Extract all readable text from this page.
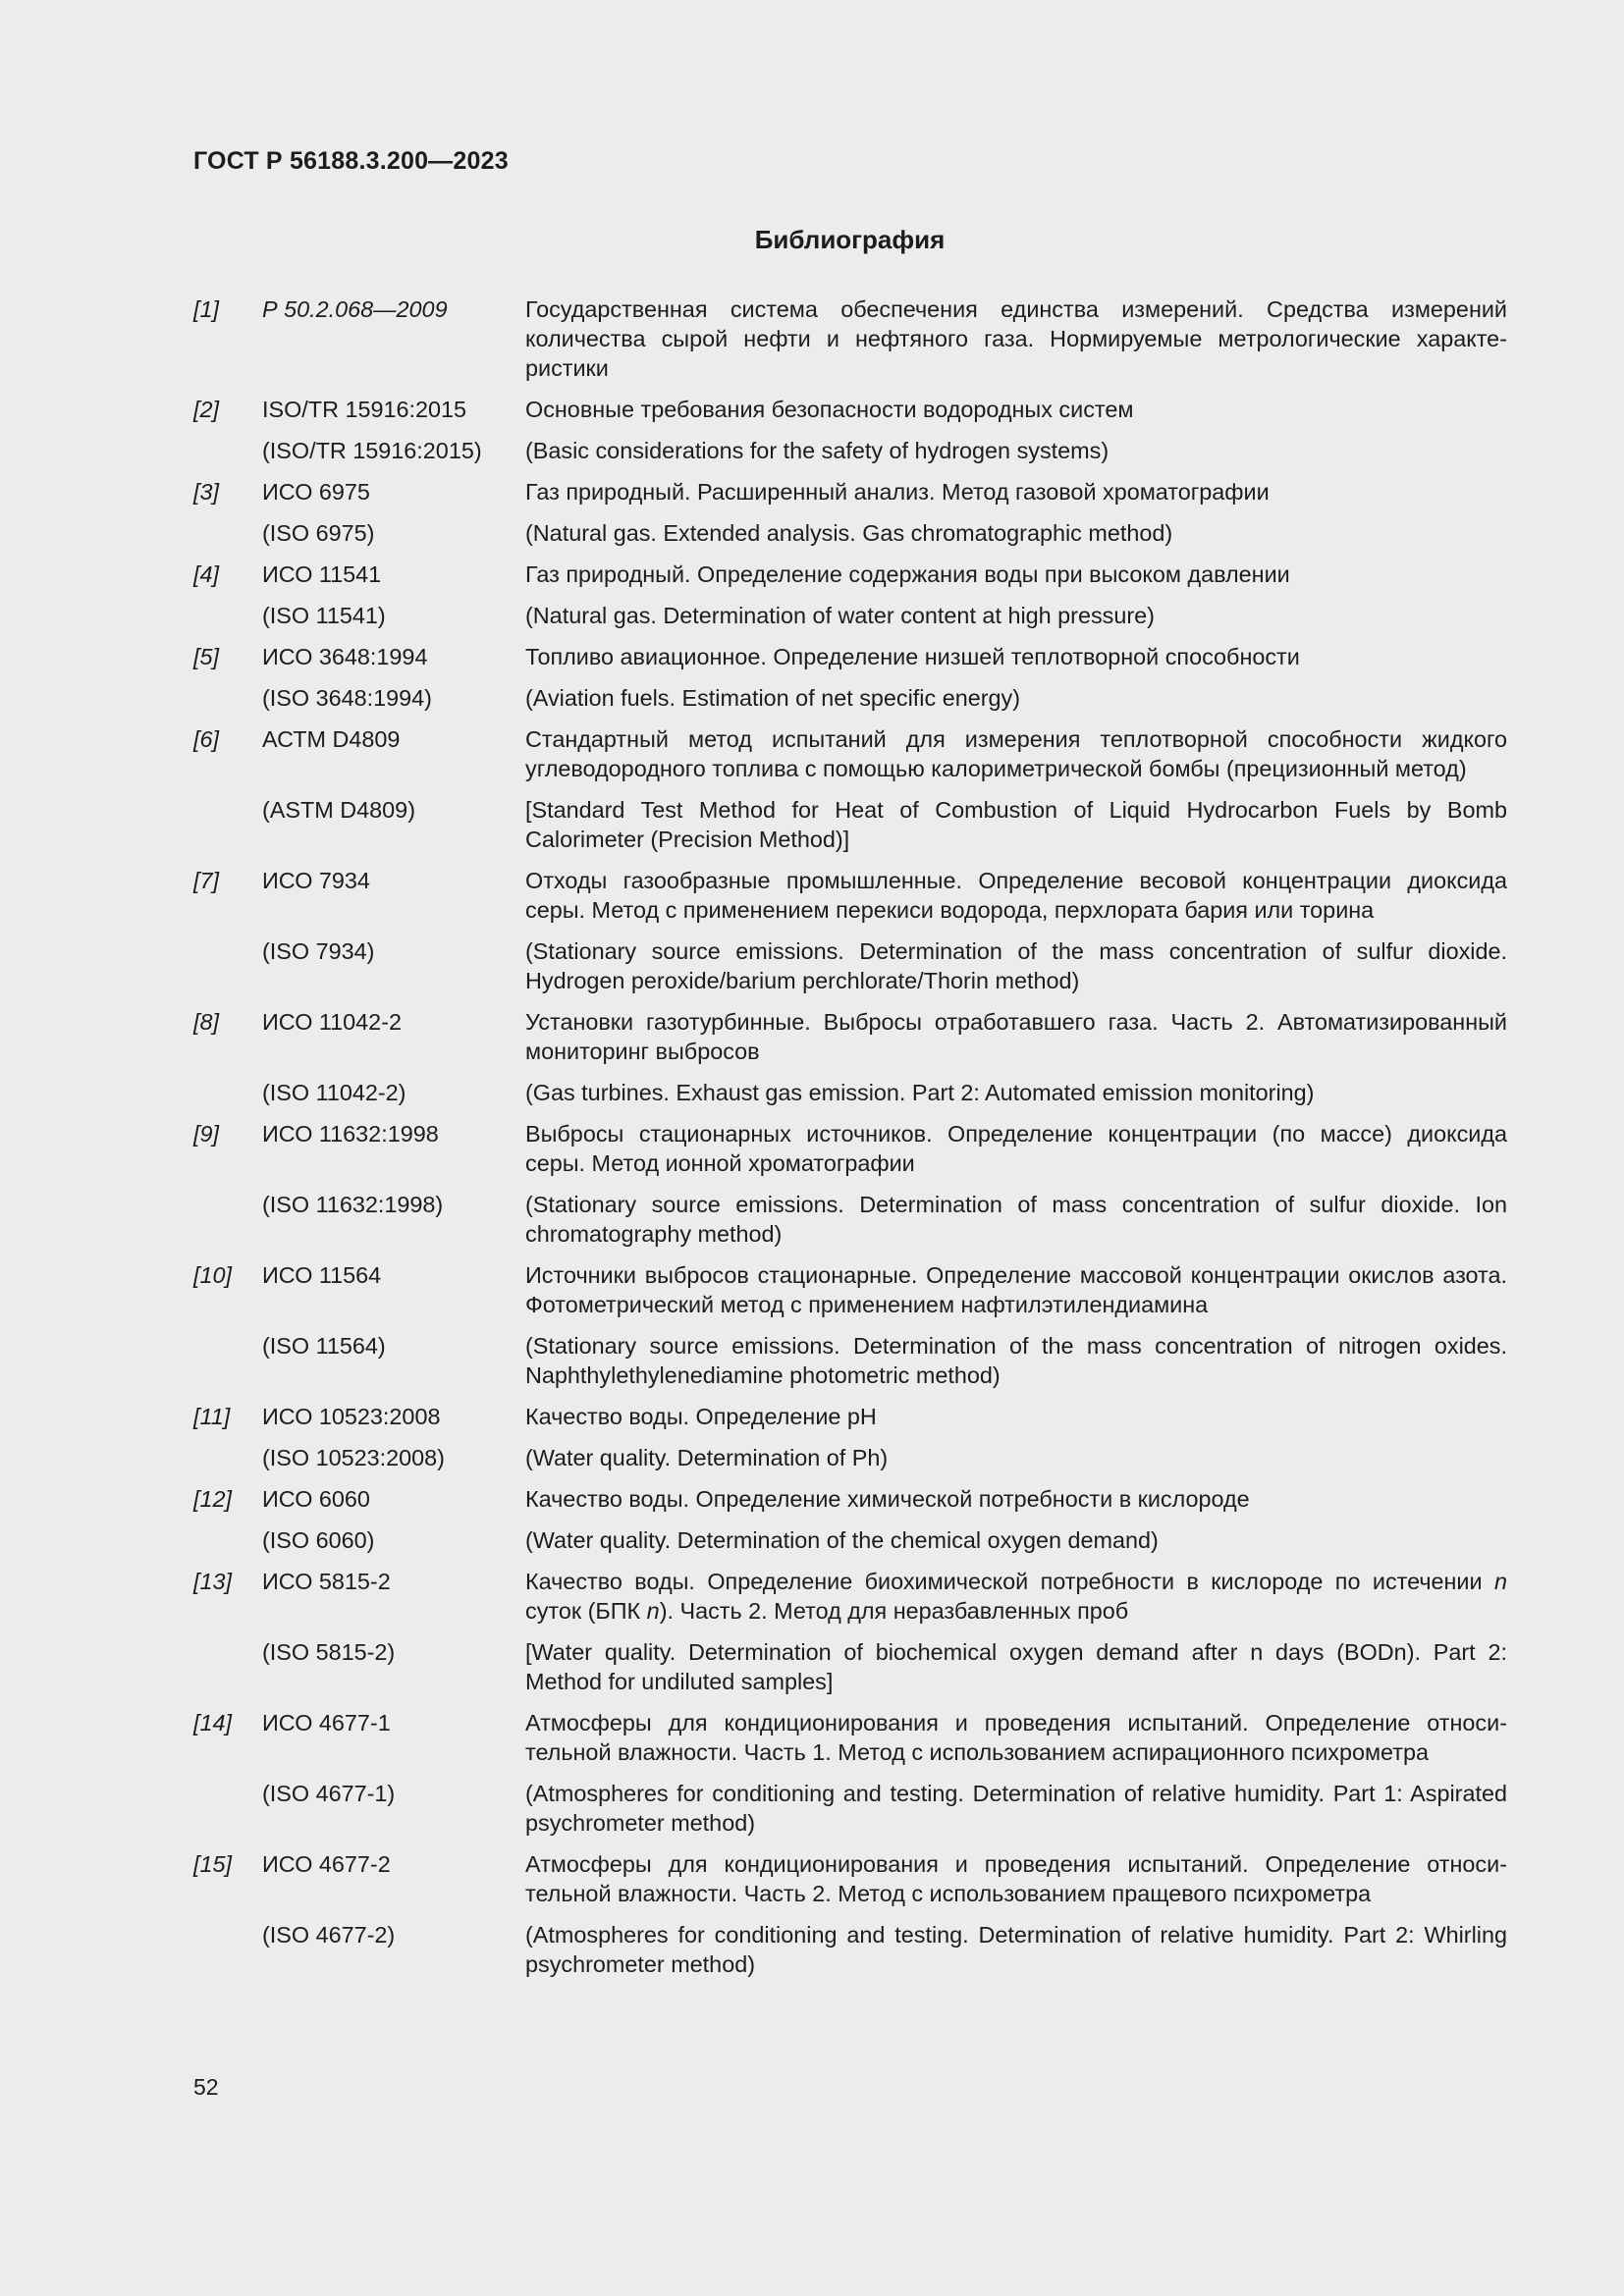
ГОСТ Р 56188.3.200—2023
Библиография
[1]	Р 50.2.068—2009	Государственная система обеспечения единства измерений. Средства измерений количества сырой нефти и нефтяного газа. Нормируемые метрологические характеристики
[2]	ISO/TR 15916:2015	Основные требования безопасности водородных систем
(ISO/TR 15916:2015)	(Basic considerations for the safety of hydrogen systems)
[3]	ИСО 6975	Газ природный. Расширенный анализ. Метод газовой хроматографии
(ISO 6975)	(Natural gas. Extended analysis. Gas chromatographic method)
[4]	ИСО 11541	Газ природный. Определение содержания воды при высоком давлении
(ISO 11541)	(Natural gas. Determination of water content at high pressure)
[5]	ИСО 3648:1994	Топливо авиационное. Определение низшей теплотворной способности
(ISO 3648:1994)	(Aviation fuels. Estimation of net specific energy)
[6]	АСТМ D4809	Стандартный метод испытаний для измерения теплотворной способности жидкого углеводородного топлива с помощью калориметрической бомбы (прецизионный метод)
(ASTM D4809)	[Standard Test Method for Heat of Combustion of Liquid Hydrocarbon Fuels by Bomb Calorimeter (Precision Method)]
[7]	ИСО 7934	Отходы газообразные промышленные. Определение весовой концентрации диоксида серы. Метод с применением перекиси водорода, перхлората бария или торина
(ISO 7934)	(Stationary source emissions. Determination of the mass concentration of sulfur dioxide. Hydrogen peroxide/barium perchlorate/Thorin method)
[8]	ИСО 11042-2	Установки газотурбинные. Выбросы отработавшего газа. Часть 2. Автоматизированный мониторинг выбросов
(ISO 11042-2)	(Gas turbines. Exhaust gas emission. Part 2: Automated emission monitoring)
[9]	ИСО 11632:1998	Выбросы стационарных источников. Определение концентрации (по массе) диоксида серы. Метод ионной хроматографии
(ISO 11632:1998)	(Stationary source emissions. Determination of mass concentration of sulfur dioxide. Ion chromatography method)
[10]	ИСО 11564	Источники выбросов стационарные. Определение массовой концентрации окислов азота. Фотометрический метод с применением нафтилэтилендиамина
(ISO 11564)	(Stationary source emissions. Determination of the mass concentration of nitrogen oxides. Naphthylethylenediamine photometric method)
[11]	ИСО 10523:2008	Качество воды. Определение pH
(ISO 10523:2008)	(Water quality. Determination of Ph)
[12]	ИСО 6060	Качество воды. Определение химической потребности в кислороде
(ISO 6060)	(Water quality. Determination of the chemical oxygen demand)
[13]	ИСО 5815-2	Качество воды. Определение биохимической потребности в кислороде по истечении n суток (БПК n). Часть 2. Метод для неразбавленных проб
(ISO 5815-2)	[Water quality. Determination of biochemical oxygen demand after n days (BODn). Part 2: Method for undiluted samples]
[14]	ИСО 4677-1	Атмосферы для кондиционирования и проведения испытаний. Определение относительной влажности. Часть 1. Метод с использованием аспирационного психрометра
(ISO 4677-1)	(Atmospheres for conditioning and testing. Determination of relative humidity. Part 1: Aspirated psychrometer method)
[15]	ИСО 4677-2	Атмосферы для кондиционирования и проведения испытаний. Определение относительной влажности. Часть 2. Метод с использованием пращевого психрометра
(ISO 4677-2)	(Atmospheres for conditioning and testing. Determination of relative humidity. Part 2: Whirling psychrometer method)
52
